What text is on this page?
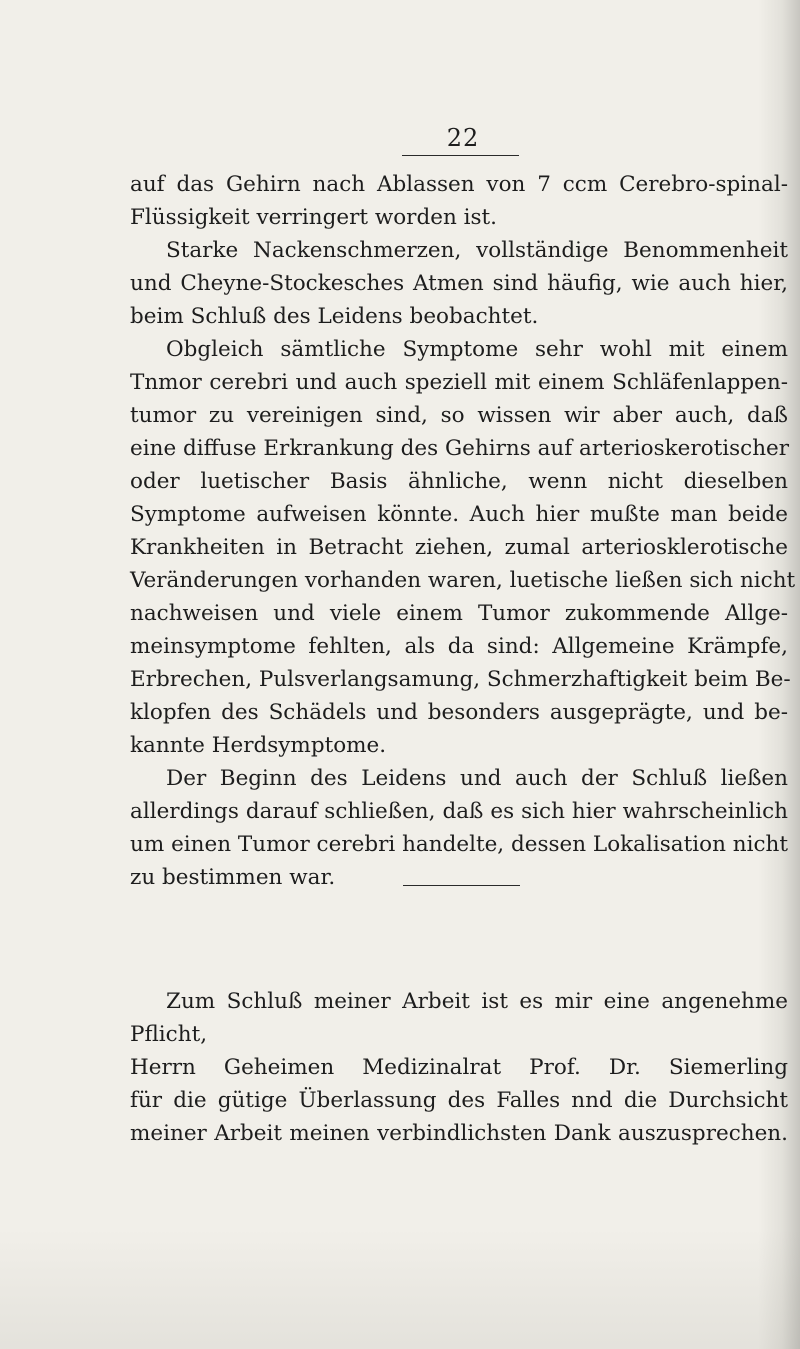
22
auf das Gehirn nach Ablassen von 7 ccm Cerebro-spinal-
Flüssigkeit verringert worden ist.
Starke Nackenschmerzen, vollständige Benommenheit
und Cheyne-Stockesches Atmen sind häufig, wie auch hier,
beim Schluß des Leidens beobachtet.
Obgleich sämtliche Symptome sehr wohl mit einem
Tnmor cerebri und auch speziell mit einem Schläfenlappen-
tumor zu vereinigen sind, so wissen wir aber auch, daß
eine diffuse Erkrankung des Gehirns auf arterioskerotischer
oder luetischer Basis ähnliche, wenn nicht dieselben
Symptome aufweisen könnte. Auch hier mußte man beide
Krankheiten in Betracht ziehen, zumal arteriosklerotische
Veränderungen vorhanden waren, luetische ließen sich nicht
nachweisen und viele einem Tumor zukommende Allge-
meinsymptome fehlten, als da sind: Allgemeine Krämpfe,
Erbrechen, Pulsverlangsamung, Schmerzhaftigkeit beim Be-
klopfen des Schädels und besonders ausgeprägte, und be-
kannte Herdsymptome.
Der Beginn des Leidens und auch der Schluß ließen
allerdings darauf schließen, daß es sich hier wahrscheinlich
um einen Tumor cerebri handelte, dessen Lokalisation nicht
zu bestimmen war.
Zum Schluß meiner Arbeit ist es mir eine angenehme
Pflicht,
Herrn Geheimen Medizinalrat Prof. Dr. Siemerling
für die gütige Überlassung des Falles nnd die Durchsicht
meiner Arbeit meinen verbindlichsten Dank auszusprechen.
